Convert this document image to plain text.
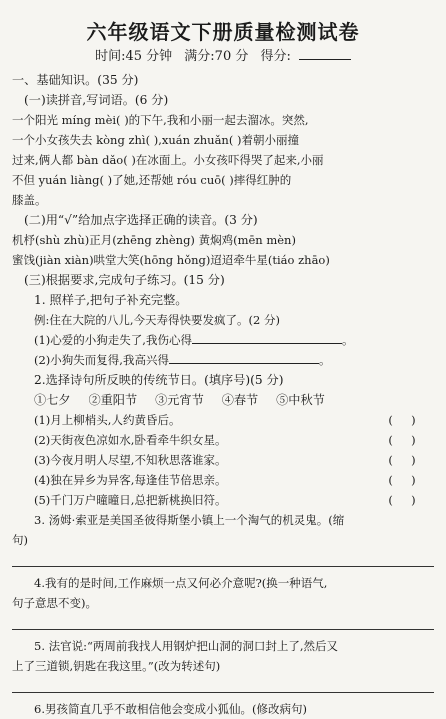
六年级语文下册质量检测试卷
时间:45 分钟 满分:70 分 得分:
一、基础知识。(35 分)
(一)读拼音,写词语。(6 分)
一个阳光 míng mèi( )的下午,我和小丽一起去溜冰。突然,
一个小女孩失去 kòng zhì( ),xuán zhuǎn( )着朝小丽撞
过来,俩人都 bàn dǎo( )在冰面上。小女孩吓得哭了起来,小丽
不但 yuán liàng( )了她,还帮她 róu cuō( )摔得红肿的
膝盖。
(二)用“√”给加点字选择正确的读音。(3 分)
机杼(shù zhù)正月(zhēng zhèng) 黄焖鸡(mēn mèn)
蜜饯(jiàn xiàn)哄堂大笑(hōng hǒng)迢迢牵牛星(tiáo zhāo)
(三)根据要求,完成句子练习。(15 分)
1. 照样子,把句子补充完整。
例:住在大院的八儿,今天寿得快要发疯了。(2 分)
(1)心爱的小狗走失了,我伤心得	。
(2)小狗失而复得,我高兴得	。
2.选择诗句所反映的传统节日。(填序号)(5 分)
①七夕 ②重阳节 ③元宵节 ④春节 ⑤中秋节
(1)月上柳梢头,人约黄昏后。	(     )
(2)天街夜色凉如水,卧看牵牛织女星。	(     )
(3)今夜月明人尽望,不知秋思落谁家。	(     )
(4)独在异乡为异客,每逢佳节倍思亲。	(     )
(5)千门万户曈曈日,总把新桃换旧符。	(     )
3. 汤姆·索亚是美国圣彼得斯堡小镇上一个淘气的机灵鬼。(缩
句)
4.我有的是时间,工作麻烦一点又何必介意呢?(换一种语气,
句子意思不变)。
5. 法官说:“两周前我找人用钢炉把山洞的洞口封上了,然后又
上了三道锁,钥匙在我这里。”(改为转述句)
6.男孩简直几乎不敢相信他会变成小狐仙。(修改病句)
